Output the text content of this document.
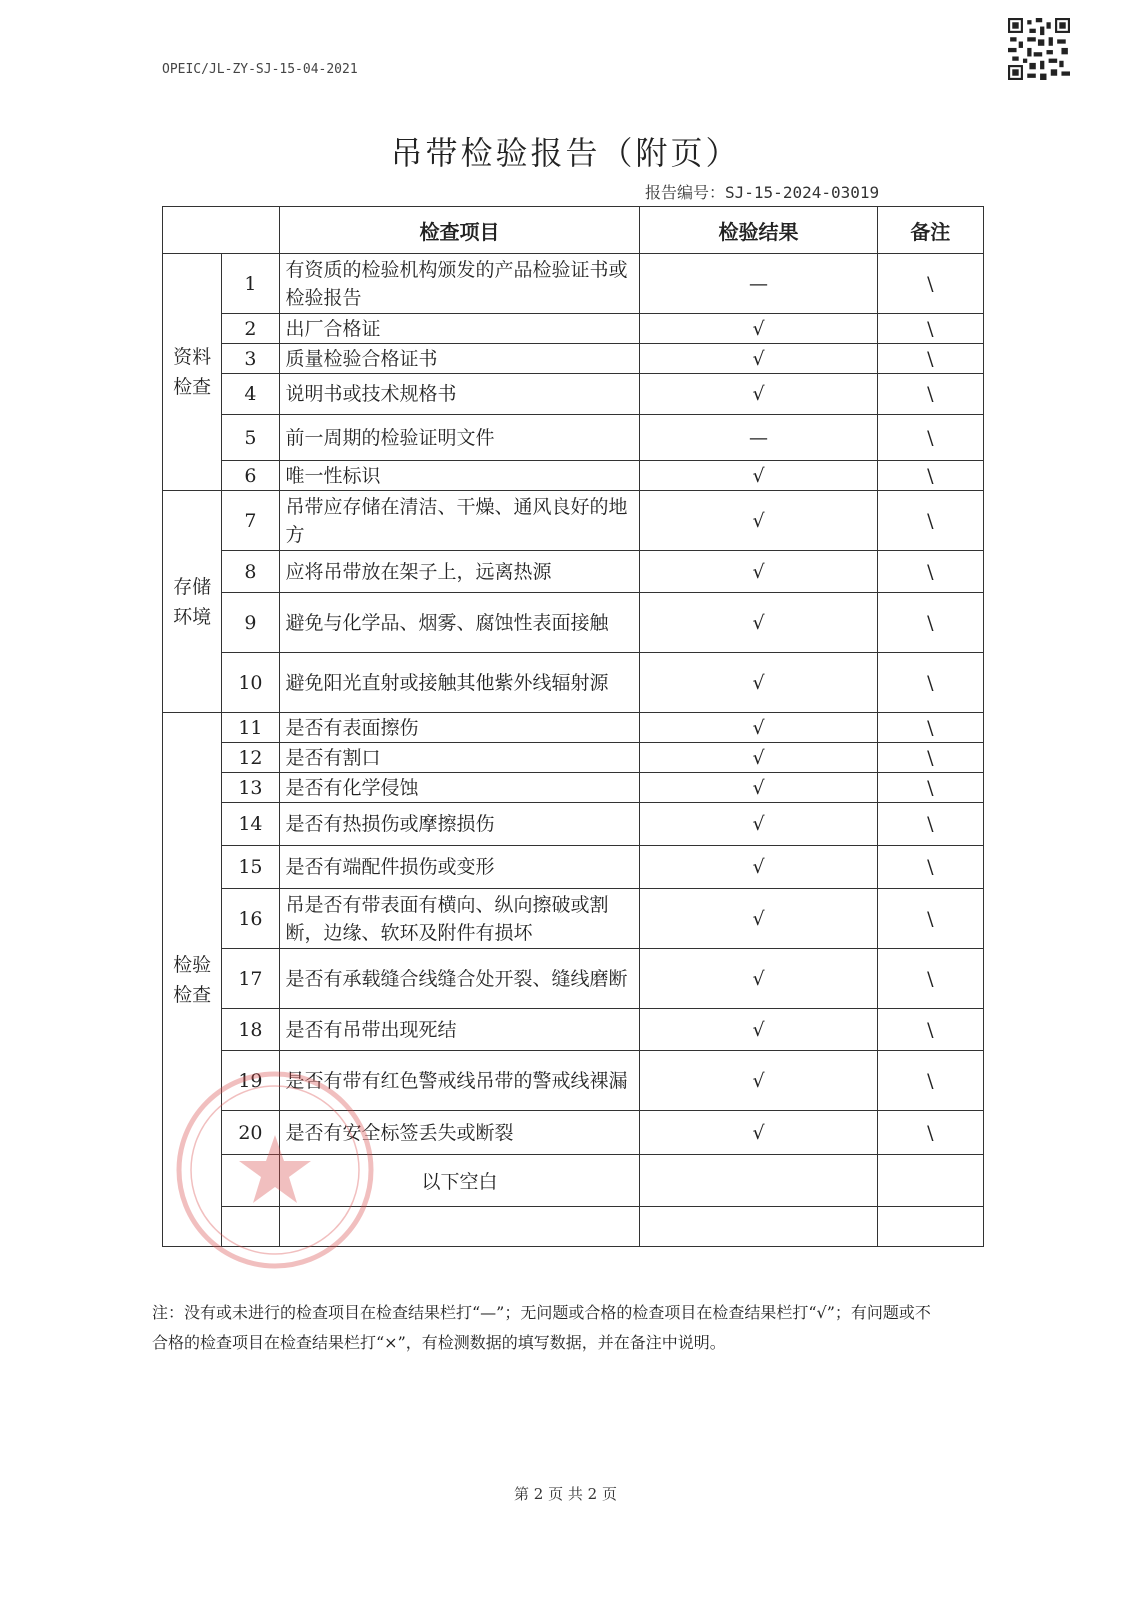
OPEIC/JL-ZY-SJ-15-04-2021
吊带检验报告（附页）
报告编号：SJ-15-2024-03019
		检查项目	检验结果	备注
资料
检查	1	有资质的检验机构颁发的产品检验证书或检验报告	—	\
	2	出厂合格证	√	\
	3	质量检验合格证书	√	\
	4	说明书或技术规格书	√	\
	5	前一周期的检验证明文件	—	\
	6	唯一性标识	√	\
存储
环境	7	吊带应存储在清洁、干燥、通风良好的地方	√	\
	8	应将吊带放在架子上，远离热源	√	\
	9	避免与化学品、烟雾、腐蚀性表面接触	√	\
	10	避免阳光直射或接触其他紫外线辐射源	√	\
检验
检查	11	是否有表面擦伤	√	\
	12	是否有割口	√	\
	13	是否有化学侵蚀	√	\
	14	是否有热损伤或摩擦损伤	√	\
	15	是否有端配件损伤或变形	√	\
	16	吊是否有带表面有横向、纵向擦破或割断，边缘、软环及附件有损坏	√	\
	17	是否有承载缝合线缝合处开裂、缝线磨断	√	\
	18	是否有吊带出现死结	√	\
	19	是否有带有红色警戒线吊带的警戒线裸漏	√	\
	20	是否有安全标签丢失或断裂	√	\
		以下空白		

注：没有或未进行的检查项目在检查结果栏打“—”；无问题或合格的检查项目在检查结果栏打“√”；有问题或不合格的检查项目在检查结果栏打“×”，有检测数据的填写数据，并在备注中说明。
第 2 页 共 2 页
